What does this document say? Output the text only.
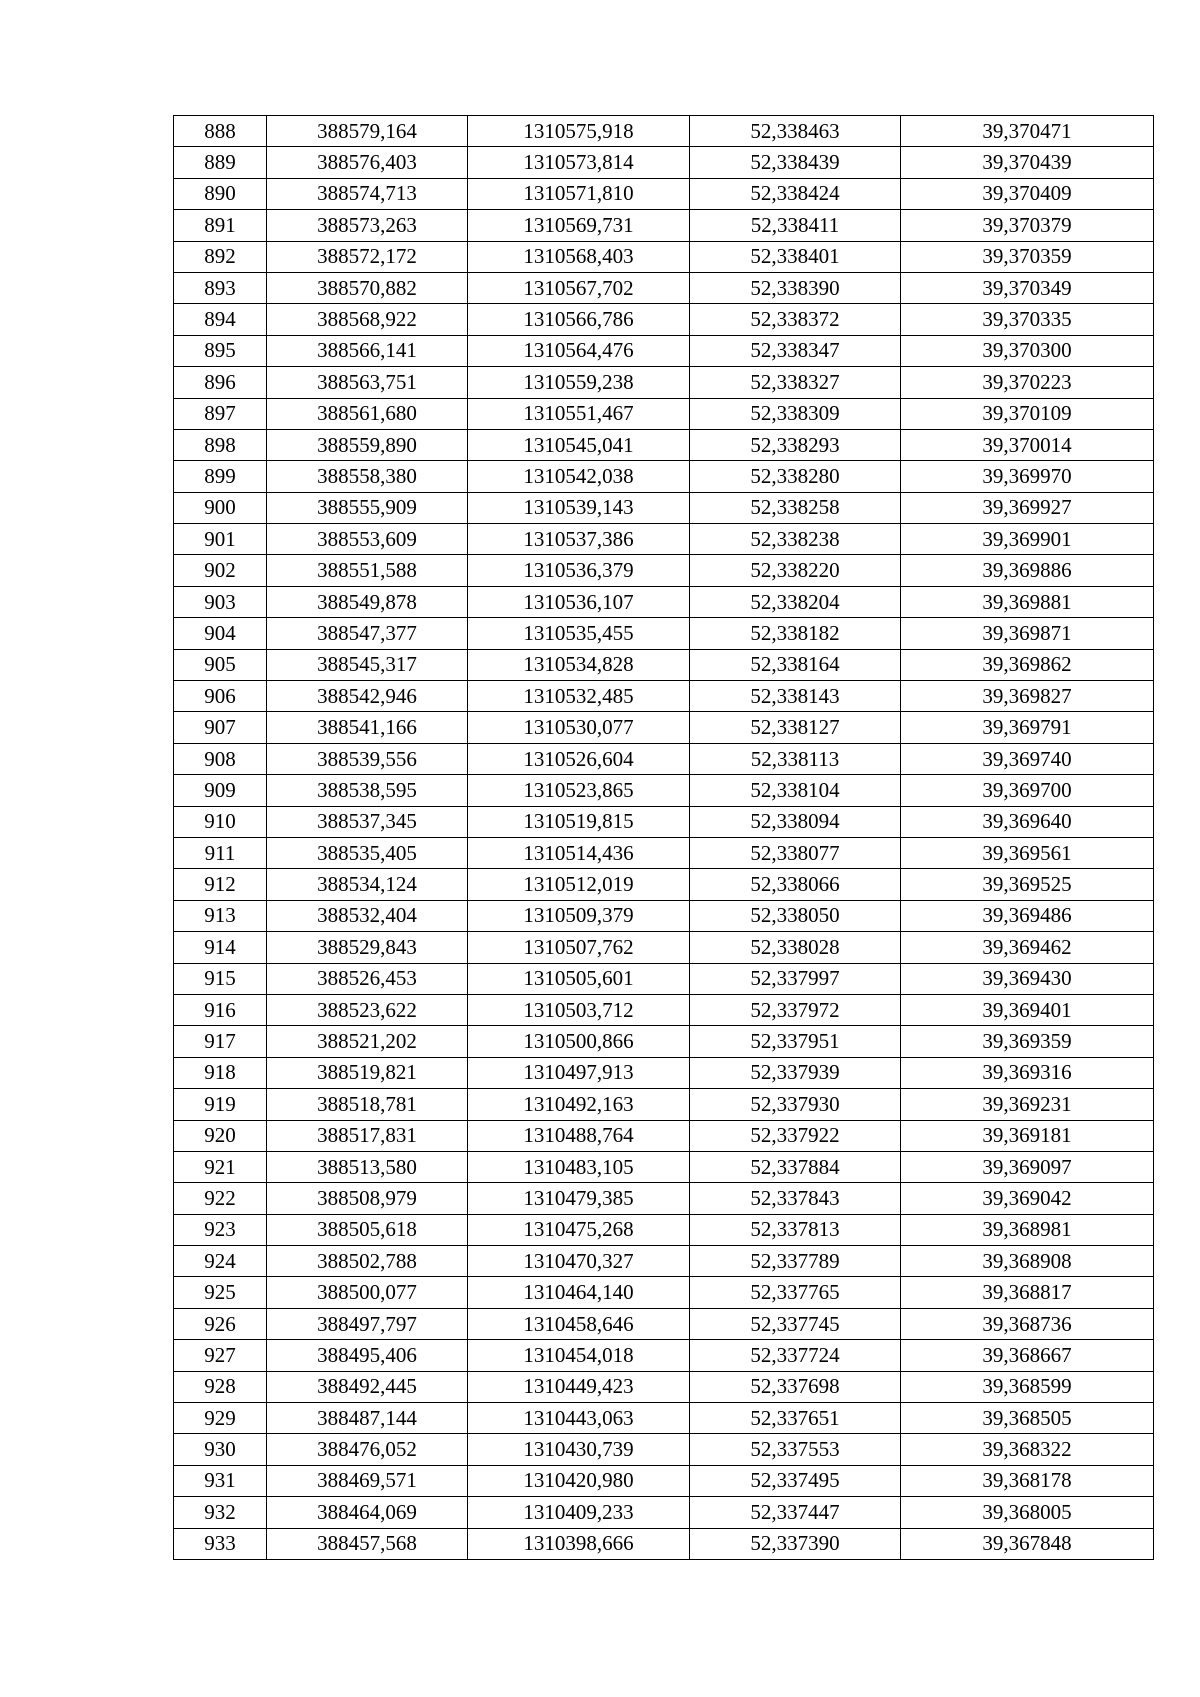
888	388579,164	1310575,918	52,338463	39,370471
889	388576,403	1310573,814	52,338439	39,370439
890	388574,713	1310571,810	52,338424	39,370409
891	388573,263	1310569,731	52,338411	39,370379
892	388572,172	1310568,403	52,338401	39,370359
893	388570,882	1310567,702	52,338390	39,370349
894	388568,922	1310566,786	52,338372	39,370335
895	388566,141	1310564,476	52,338347	39,370300
896	388563,751	1310559,238	52,338327	39,370223
897	388561,680	1310551,467	52,338309	39,370109
898	388559,890	1310545,041	52,338293	39,370014
899	388558,380	1310542,038	52,338280	39,369970
900	388555,909	1310539,143	52,338258	39,369927
901	388553,609	1310537,386	52,338238	39,369901
902	388551,588	1310536,379	52,338220	39,369886
903	388549,878	1310536,107	52,338204	39,369881
904	388547,377	1310535,455	52,338182	39,369871
905	388545,317	1310534,828	52,338164	39,369862
906	388542,946	1310532,485	52,338143	39,369827
907	388541,166	1310530,077	52,338127	39,369791
908	388539,556	1310526,604	52,338113	39,369740
909	388538,595	1310523,865	52,338104	39,369700
910	388537,345	1310519,815	52,338094	39,369640
911	388535,405	1310514,436	52,338077	39,369561
912	388534,124	1310512,019	52,338066	39,369525
913	388532,404	1310509,379	52,338050	39,369486
914	388529,843	1310507,762	52,338028	39,369462
915	388526,453	1310505,601	52,337997	39,369430
916	388523,622	1310503,712	52,337972	39,369401
917	388521,202	1310500,866	52,337951	39,369359
918	388519,821	1310497,913	52,337939	39,369316
919	388518,781	1310492,163	52,337930	39,369231
920	388517,831	1310488,764	52,337922	39,369181
921	388513,580	1310483,105	52,337884	39,369097
922	388508,979	1310479,385	52,337843	39,369042
923	388505,618	1310475,268	52,337813	39,368981
924	388502,788	1310470,327	52,337789	39,368908
925	388500,077	1310464,140	52,337765	39,368817
926	388497,797	1310458,646	52,337745	39,368736
927	388495,406	1310454,018	52,337724	39,368667
928	388492,445	1310449,423	52,337698	39,368599
929	388487,144	1310443,063	52,337651	39,368505
930	388476,052	1310430,739	52,337553	39,368322
931	388469,571	1310420,980	52,337495	39,368178
932	388464,069	1310409,233	52,337447	39,368005
933	388457,568	1310398,666	52,337390	39,367848
